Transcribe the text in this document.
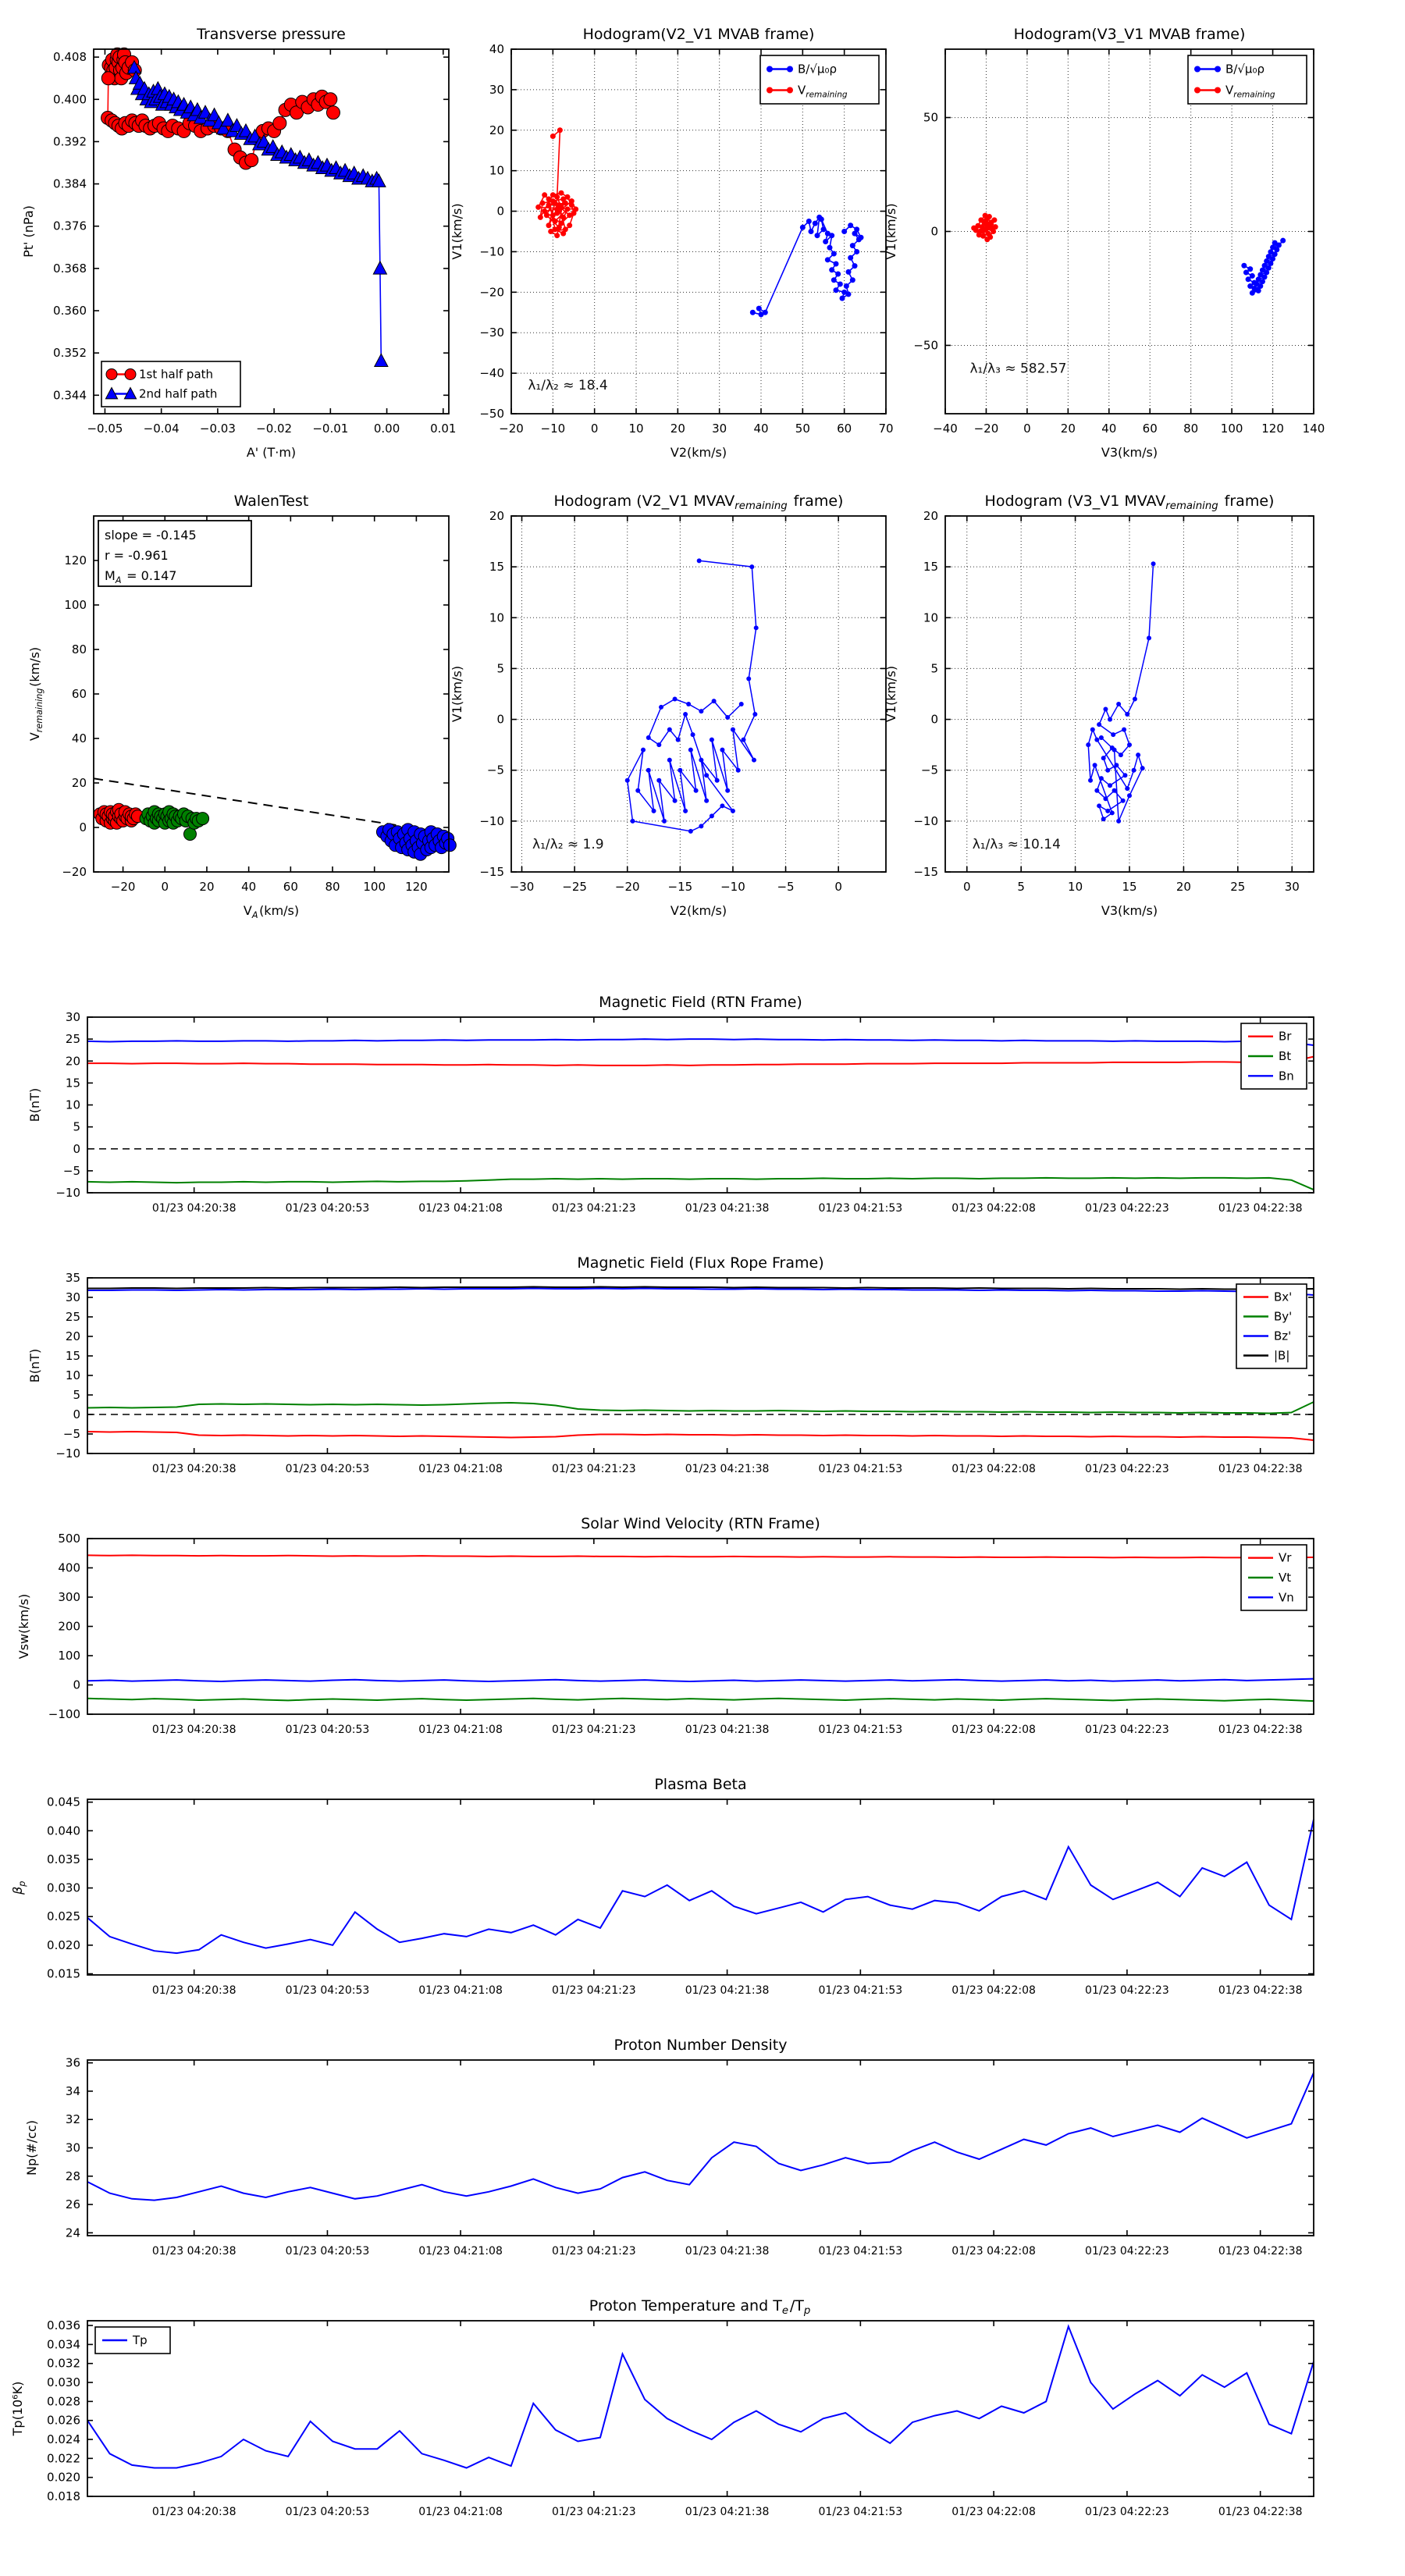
−0.05 −0.04 −0.03 −0.02 −0.01 0.00	0.01
0.344
0.352
0.360
0.368
0.376
0.384
0.392
0.400
0.408
Transverse pressure
A' (T·m)
Pt' (nPa)
1st half path
2nd half path
−20 −10 0	10 20 30 40 50 60 70
−50
−40
−30
−20
−10
0
10
20
30
40
Hodogram(V2_V1 MVAB frame)
V2(km/s)
V1(km/s)
λ₁/λ₂ ≈ 18.4
B/√μ₀ρ
$V_{remaining}$ 
−40 −20 0	20 40 60 80 100 120 140
−50
0
50
Hodogram(V3_V1 MVAB frame)
V3(km/s)
V1(km/s)
λ₁/λ₃ ≈ 582.57
B/√μ₀ρ
$V_{remaining}$ 
−20 0	20 40 60 80 100 120
−20
0
20
40
60
80
100
120
WalenTest
$V_A$ (km/s)
$V_{remaining}$ (km/s)
slope = -0.145
r = -0.961
$M_A$  = 0.147
−30 −25 −20 −15 −10	−5	0
−15
−10
−5
0
5
10
15
20
Hodogram (V2_V1 $MVAV_{remaining}$  frame)
V2(km/s)
V1(km/s)
λ₁/λ₂ ≈ 1.9
0	5	10	15	20	25	30
−15
−10
−5
0
5
10
15
20
Hodogram (V3_V1 $MVAV_{remaining}$  frame)
V3(km/s)
V1(km/s)
λ₁/λ₃ ≈ 10.14
01/23 04:20:38	01/23 04:20:53	01/23 04:21:08	01/23 04:21:23	01/23 04:21:38	01/23 04:21:53	01/23 04:22:08	01/23 04:22:23	01/23 04:22:38
−10
−5
0
5
10
15
20
25
30
Magnetic Field (RTN Frame)
B(nT)
Br
Bt
Bn
01/23 04:20:38	01/23 04:20:53	01/23 04:21:08	01/23 04:21:23	01/23 04:21:38	01/23 04:21:53	01/23 04:22:08	01/23 04:22:23	01/23 04:22:38
−10
−5
0
5
10
15
20
25
30
35
Magnetic Field (Flux Rope Frame)
B(nT)
Bx'
By'
Bz'
|B|
01/23 04:20:38	01/23 04:20:53	01/23 04:21:08	01/23 04:21:23	01/23 04:21:38	01/23 04:21:53	01/23 04:22:08	01/23 04:22:23	01/23 04:22:38
−100
0
100
200
300
400
500
Solar Wind Velocity (RTN Frame)
Vsw(km/s)
Vr
Vt
Vn
01/23 04:20:38	01/23 04:20:53	01/23 04:21:08	01/23 04:21:23	01/23 04:21:38	01/23 04:21:53	01/23 04:22:08	01/23 04:22:23	01/23 04:22:38
0.015
0.020
0.025
0.030
0.035
0.040
0.045
Plasma Beta
$\beta_p$ 
01/23 04:20:38	01/23 04:20:53	01/23 04:21:08	01/23 04:21:23	01/23 04:21:38	01/23 04:21:53	01/23 04:22:08	01/23 04:22:23	01/23 04:22:38
24
26
28
30
32
34
36
Proton Number Density
Np(#/cc)
01/23 04:20:38	01/23 04:20:53	01/23 04:21:08	01/23 04:21:23	01/23 04:21:38	01/23 04:21:53	01/23 04:22:08	01/23 04:22:23	01/23 04:22:38
0.018
0.020
0.022
0.024
0.026
0.028
0.030
0.032
0.034
0.036
Proton Temperature and $T_e$  $/T_p$ 
Tp(10⁶K)
Tp
